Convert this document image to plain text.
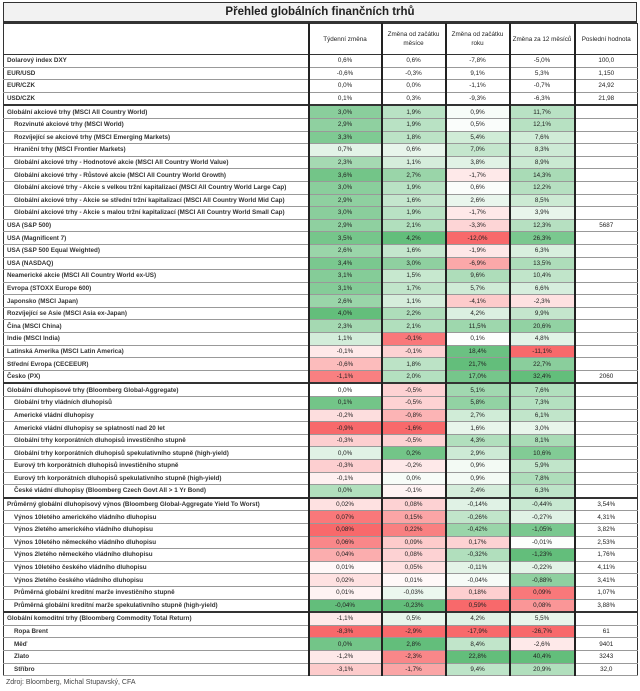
Přehled globálních finančních trhů
	Týdenní změna	Změna od začátku měsíce	Změna od začátku roku	Změna za 12 měsíců	Poslední hodnota
Dolarový index DXY	0,6%	0,6%	-7,8%	-5,0%	100,0
EUR/USD	-0,6%	-0,3%	9,1%	5,3%	1,150
EUR/CZK	0,0%	0,0%	-1,1%	-0,7%	24,92
USD/CZK	0,1%	0,3%	-9,3%	-6,3%	21,98
Globální akciové trhy (MSCI All Country World)	3,0%	1,9%	0,9%	11,7%	
Rozvinuté akciové trhy (MSCI World)	2,9%	1,9%	0,5%	12,1%	
Rozvíjející se akciové trhy (MSCI Emerging Markets)	3,3%	1,8%	5,4%	7,6%	
Hraniční trhy (MSCI Frontier Markets)	0,7%	0,6%	7,0%	8,3%	
Globální akciové trhy - Hodnotové akcie (MSCI All Country World Value)	2,3%	1,1%	3,8%	8,9%	
Globální akciové trhy - Růstové akcie (MSCI All Country World Growth)	3,6%	2,7%	-1,7%	14,3%	
Globální akciové trhy - Akcie s velkou tržní kapitalizací (MSCI All Country World Large Cap)	3,0%	1,9%	0,6%	12,2%	
Globální akciové trhy - Akcie se střední tržní kapitalizací (MSCI All Country World Mid Cap)	2,9%	1,6%	2,6%	8,5%	
Globální akciové trhy - Akcie s malou tržní kapitalizací (MSCI All Country World Small Cap)	3,0%	1,9%	-1,7%	3,9%	
USA (S&P 500)	2,9%	2,1%	-3,3%	12,3%	5687
USA (Magnificent 7)	3,5%	4,2%	-12,0%	26,3%	
USA (S&P 500 Equal Weighted)	2,6%	1,6%	-1,9%	6,3%	
USA (NASDAQ)	3,4%	3,0%	-6,9%	13,5%	
Neamerické akcie (MSCI All Country World ex-US)	3,1%	1,5%	9,6%	10,4%	
Evropa (STOXX Europe 600)	3,1%	1,7%	5,7%	6,6%	
Japonsko (MSCI Japan)	2,6%	1,1%	-4,1%	-2,3%	
Rozvíjející se Asie (MSCI Asia ex-Japan)	4,0%	2,2%	4,2%	9,9%	
Čína (MSCI China)	2,3%	2,1%	11,5%	20,6%	
Indie (MSCI India)	1,1%	-0,1%	0,1%	4,8%	
Latinská Amerika (MSCI Latin America)	-0,1%	-0,1%	18,4%	-11,1%	
Střední Evropa (CECEEUR)	-0,6%	1,8%	21,7%	22,7%	
Česko (PX)	-1,1%	2,0%	17,0%	32,4%	2060
Globální dluhopisové trhy (Bloomberg Global-Aggregate)	0,0%	-0,5%	5,1%	7,6%	
Globální trhy vládních dluhopisů	0,1%	-0,5%	5,8%	7,3%	
Americké vládní dluhopisy	-0,2%	-0,8%	2,7%	6,1%	
Americké vládní dluhopisy se splatností nad 20 let	-0,9%	-1,6%	1,6%	3,0%	
Globální trhy korporátních dluhopisů investičního stupně	-0,3%	-0,5%	4,3%	8,1%	
Globální trhy korporátních dluhopisů spekulativního stupně (high-yield)	0,0%	0,2%	2,9%	10,6%	
Eurový trh korporátních dluhopisů investičního stupně	-0,3%	-0,2%	0,9%	5,9%	
Eurový trh korporátních dluhopisů spekulativního stupně (high-yield)	-0,1%	0,0%	0,9%	7,8%	
České vládní dluhopisy (Bloomberg Czech Govt All > 1 Yr Bond)	0,0%	-0,1%	2,4%	6,3%	
Průměrný globální dluhopisový výnos (Bloomberg Global-Aggregate Yield To Worst)	0,02%	0,08%	-0,14%	-0,44%	3,54%
Výnos 10letého amerického vládního dluhopisu	0,07%	0,15%	-0,26%	-0,27%	4,31%
Výnos 2letého amerického vládního dluhopisu	0,08%	0,22%	-0,42%	-1,05%	3,82%
Výnos 10letého německého vládního dluhopisu	0,06%	0,09%	0,17%	-0,01%	2,53%
Výnos 2letého německého vládního dluhopisu	0,04%	0,08%	-0,32%	-1,23%	1,76%
Výnos 10letého českého vládního dluhopisu	0,01%	0,05%	-0,11%	-0,22%	4,11%
Výnos 2letého českého vládního dluhopisu	0,02%	0,01%	-0,04%	-0,88%	3,41%
Průměrná globální kreditní marže investičního stupně	0,01%	-0,03%	0,18%	0,09%	1,07%
Průměrná globální kreditní marže spekulativního stupně (high-yield)	-0,04%	-0,23%	0,59%	0,08%	3,88%
Globální komoditní trhy (Bloomberg Commodity Total Return)	-1,1%	0,5%	4,2%	5,5%	
Ropa Brent	-8,3%	-2,9%	-17,9%	-26,7%	61
Měď	0,0%	2,8%	8,4%	-2,6%	9401
Zlato	-1,2%	-2,3%	22,8%	40,4%	3243
Stříbro	-3,1%	-1,7%	9,4%	20,9%	32,0
Zdroj: Bloomberg, Michal Stupavský, CFA
